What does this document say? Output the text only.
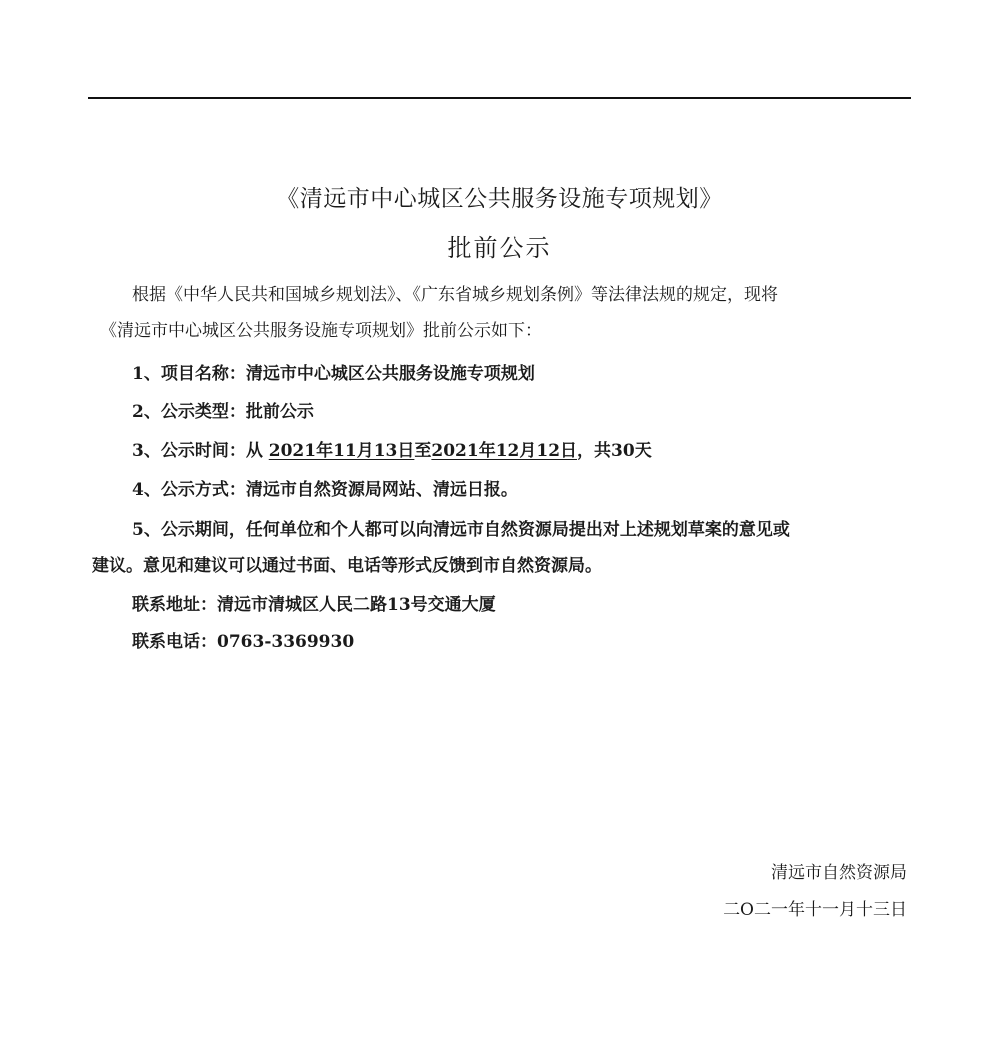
《清远市中心城区公共服务设施专项规划》
批前公示
根据《中华人民共和国城乡规划法》、《广东省城乡规划条例》等法律法规的规定，现将
《清远市中心城区公共服务设施专项规划》批前公示如下：
1、项目名称：清远市中心城区公共服务设施专项规划
2、公示类型：批前公示
3、公示时间：从 2021年11月13日至2021年12月12日，共30天
4、公示方式：清远市自然资源局网站、清远日报。
5、公示期间，任何单位和个人都可以向清远市自然资源局提出对上述规划草案的意见或
建议。意见和建议可以通过书面、电话等形式反馈到市自然资源局。
联系地址：清远市清城区人民二路13号交通大厦
联系电话：0763-3369930
清远市自然资源局
二O二一年十一月十三日
